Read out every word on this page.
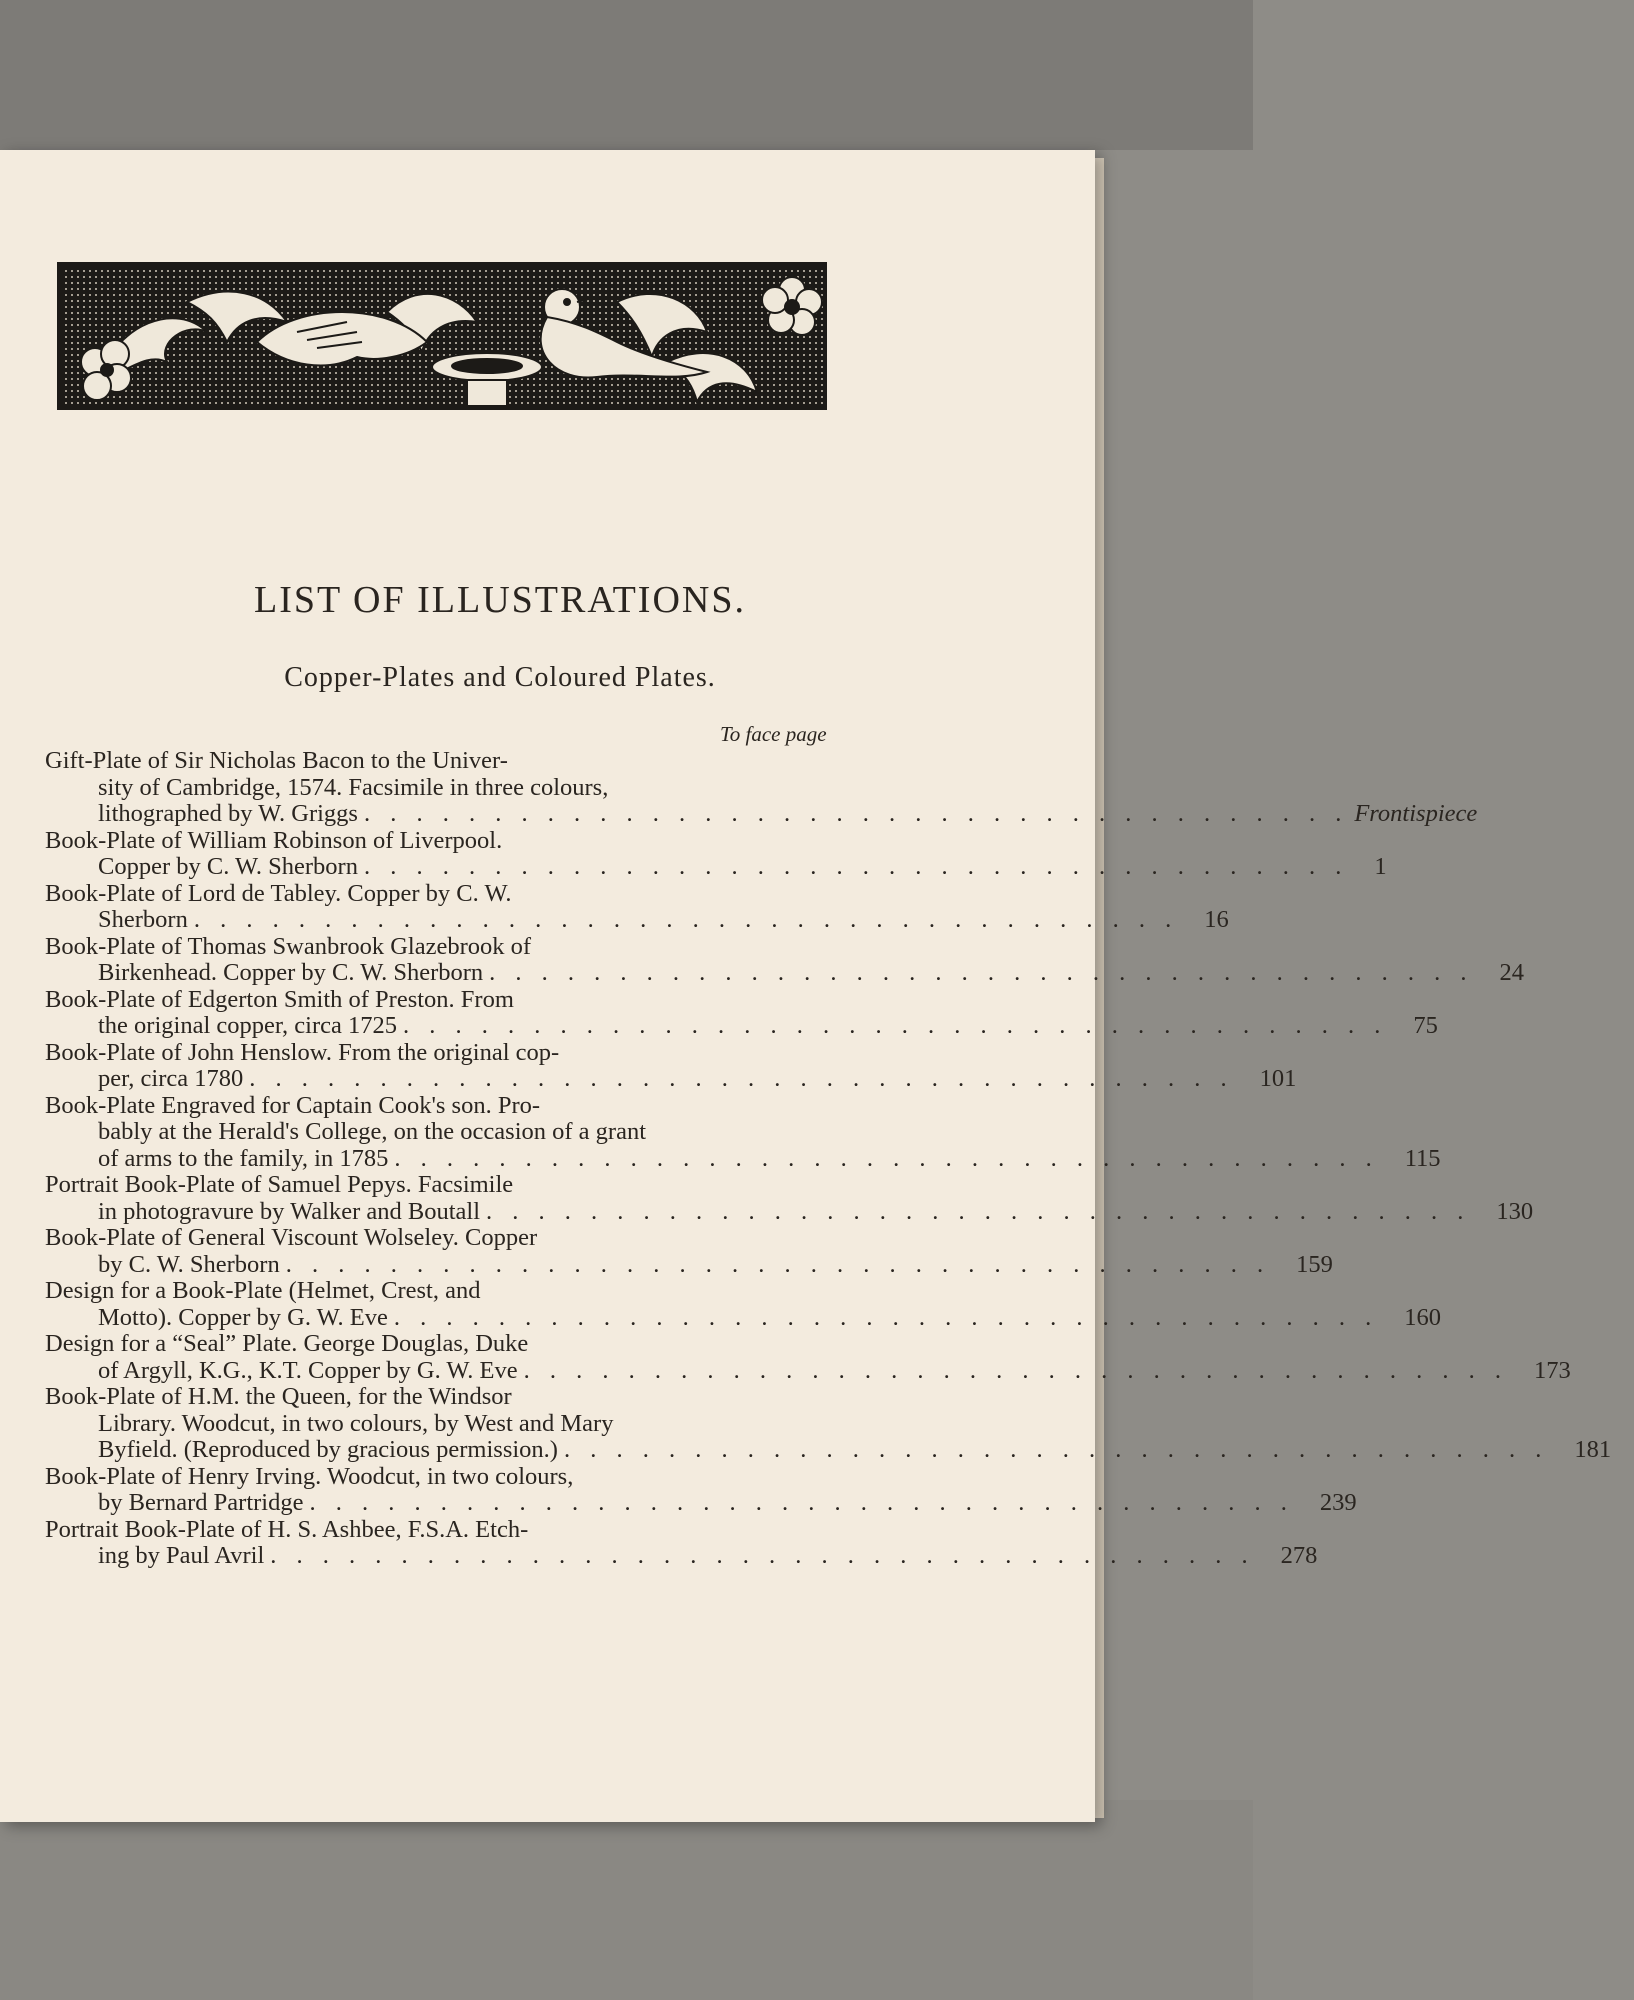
LIST OF ILLUSTRATIONS.
Copper-Plates and Coloured Plates.
To face page
Gift-Plate of Sir Nicholas Bacon to the Univer-
sity of Cambridge, 1574. Facsimile in three colours,
lithographed by W. Griggs . . . . . . . . . . . . . . . . . . . . . . . . . . . . . . . . . . . . . . Frontispiece
Book-Plate of William Robinson of Liverpool.
Copper by C. W. Sherborn . . . . . . . . . . . . . . . . . . . . . . . . . . . . . . . . . . . . . .	1
Book-Plate of Lord de Tabley. Copper by C. W.
Sherborn . . . . . . . . . . . . . . . . . . . . . . . . . . . . . . . . . . . . . .	16
Book-Plate of Thomas Swanbrook Glazebrook of
Birkenhead. Copper by C. W. Sherborn . . . . . . . . . . . . . . . . . . . . . . . . . . . . . . . . . . . . . .	24
Book-Plate of Edgerton Smith of Preston. From
the original copper, circa 1725 . . . . . . . . . . . . . . . . . . . . . . . . . . . . . . . . . . . . . .	75
Book-Plate of John Henslow. From the original cop-
per, circa 1780 . . . . . . . . . . . . . . . . . . . . . . . . . . . . . . . . . . . . . .	101
Book-Plate Engraved for Captain Cook's son. Pro-
bably at the Herald's College, on the occasion of a grant
of arms to the family, in 1785 . . . . . . . . . . . . . . . . . . . . . . . . . . . . . . . . . . . . . .	115
Portrait Book-Plate of Samuel Pepys. Facsimile
in photogravure by Walker and Boutall . . . . . . . . . . . . . . . . . . . . . . . . . . . . . . . . . . . . . .	130
Book-Plate of General Viscount Wolseley. Copper
by C. W. Sherborn . . . . . . . . . . . . . . . . . . . . . . . . . . . . . . . . . . . . . .	159
Design for a Book-Plate (Helmet, Crest, and
Motto). Copper by G. W. Eve . . . . . . . . . . . . . . . . . . . . . . . . . . . . . . . . . . . . . .	160
Design for a “Seal” Plate. George Douglas, Duke
of Argyll, K.G., K.T. Copper by G. W. Eve . . . . . . . . . . . . . . . . . . . . . . . . . . . . . . . . . . . . . .	173
Book-Plate of H.M. the Queen, for the Windsor
Library. Woodcut, in two colours, by West and Mary
Byfield. (Reproduced by gracious permission.) . . . . . . . . . . . . . . . . . . . . . . . . . . . . . . . . . . . . . .	181
Book-Plate of Henry Irving. Woodcut, in two colours,
by Bernard Partridge . . . . . . . . . . . . . . . . . . . . . . . . . . . . . . . . . . . . . .	239
Portrait Book-Plate of H. S. Ashbee, F.S.A. Etch-
ing by Paul Avril . . . . . . . . . . . . . . . . . . . . . . . . . . . . . . . . . . . . . .	278
